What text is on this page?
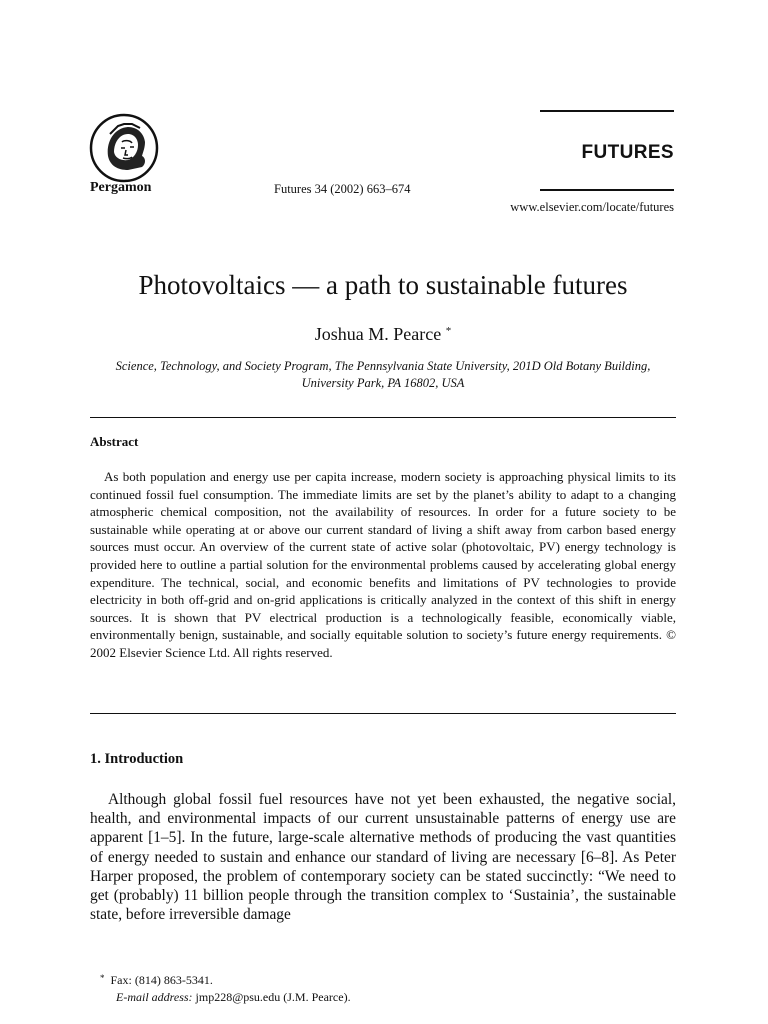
Pergamon	Futures 34 (2002) 663–674
FUTURES
www.elsevier.com/locate/futures
Photovoltaics — a path to sustainable futures
Joshua M. Pearce *
Science, Technology, and Society Program, The Pennsylvania State University, 201D Old Botany Building, University Park, PA 16802, USA
Abstract

As both population and energy use per capita increase, modern society is approaching physical limits to its continued fossil fuel consumption. The immediate limits are set by the planet’s ability to adapt to a changing atmospheric chemical composition, not the availability of resources. In order for a future society to be sustainable while operating at or above our current standard of living a shift away from carbon based energy sources must occur. An overview of the current state of active solar (photovoltaic, PV) energy technology is provided here to outline a partial solution for the environmental problems caused by accelerating global energy expenditure. The technical, social, and economic benefits and limitations of PV technologies to provide electricity in both off-grid and on-grid applications is critically analyzed in the context of this shift in energy sources. It is shown that PV electrical production is a technologically feasible, economically viable, environmentally benign, sustainable, and socially equitable solution to society’s future energy requirements. © 2002 Elsevier Science Ltd. All rights reserved.

1. Introduction

Although global fossil fuel resources have not yet been exhausted, the negative social, health, and environmental impacts of our current unsustainable patterns of energy use are apparent [1–5]. In the future, large-scale alternative methods of producing the vast quantities of energy needed to sustain and enhance our standard of living are necessary [6–8]. As Peter Harper proposed, the problem of contemporary society can be stated succinctly: “We need to get (probably) 11 billion people through the transition complex to ‘Sustainia’, the sustainable state, before irreversible damage

* Fax: (814) 863-5341.
E-mail address: jmp228@psu.edu (J.M. Pearce).
